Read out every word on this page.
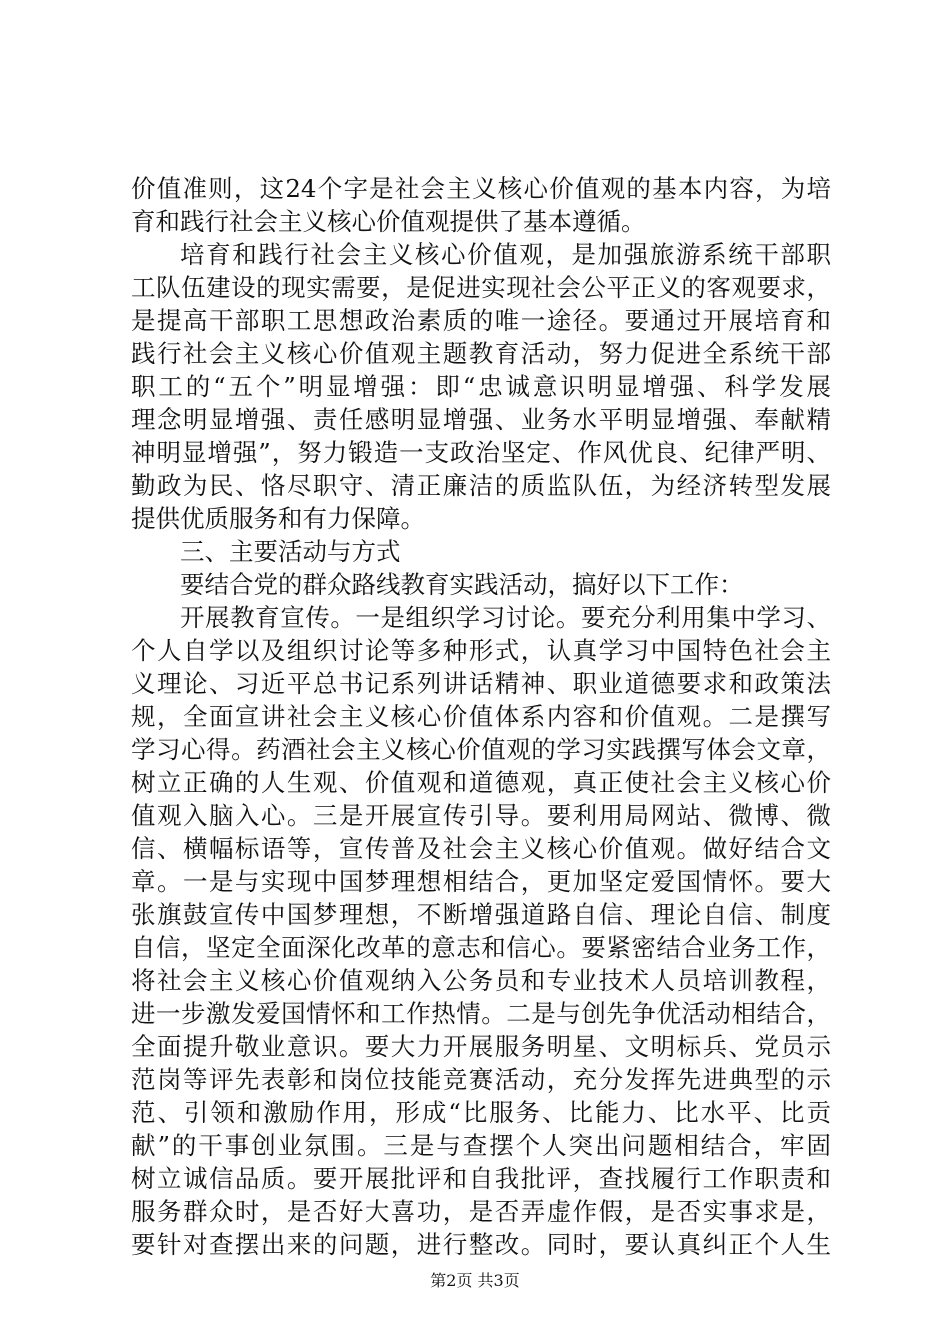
价值准则，这24个字是社会主义核心价值观的基本内容，为培
育和践行社会主义核心价值观提供了基本遵循。
培育和践行社会主义核心价值观，是加强旅游系统干部职
工队伍建设的现实需要，是促进实现社会公平正义的客观要求，
是提高干部职工思想政治素质的唯一途径。要通过开展培育和
践行社会主义核心价值观主题教育活动，努力促进全系统干部
职工的“五个”明显增强：即“忠诚意识明显增强、科学发展
理念明显增强、责任感明显增强、业务水平明显增强、奉献精
神明显增强”，努力锻造一支政治坚定、作风优良、纪律严明、
勤政为民、恪尽职守、清正廉洁的质监队伍，为经济转型发展
提供优质服务和有力保障。
三、主要活动与方式
要结合党的群众路线教育实践活动，搞好以下工作：
开展教育宣传。一是组织学习讨论。要充分利用集中学习、
个人自学以及组织讨论等多种形式，认真学习中国特色社会主
义理论、习近平总书记系列讲话精神、职业道德要求和政策法
规，全面宣讲社会主义核心价值体系内容和价值观。二是撰写
学习心得。药酒社会主义核心价值观的学习实践撰写体会文章，
树立正确的人生观、价值观和道德观，真正使社会主义核心价
值观入脑入心。三是开展宣传引导。要利用局网站、微博、微
信、横幅标语等，宣传普及社会主义核心价值观。做好结合文
章。一是与实现中国梦理想相结合，更加坚定爱国情怀。要大
张旗鼓宣传中国梦理想，不断增强道路自信、理论自信、制度
自信，坚定全面深化改革的意志和信心。要紧密结合业务工作，
将社会主义核心价值观纳入公务员和专业技术人员培训教程，
进一步激发爱国情怀和工作热情。二是与创先争优活动相结合，
全面提升敬业意识。要大力开展服务明星、文明标兵、党员示
范岗等评先表彰和岗位技能竞赛活动，充分发挥先进典型的示
范、引领和激励作用，形成“比服务、比能力、比水平、比贡
献”的干事创业氛围。三是与查摆个人突出问题相结合，牢固
树立诚信品质。要开展批评和自我批评，查找履行工作职责和
服务群众时，是否好大喜功，是否弄虚作假，是否实事求是，
要针对查摆出来的问题，进行整改。同时，要认真纠正个人生
第2页 共3页
